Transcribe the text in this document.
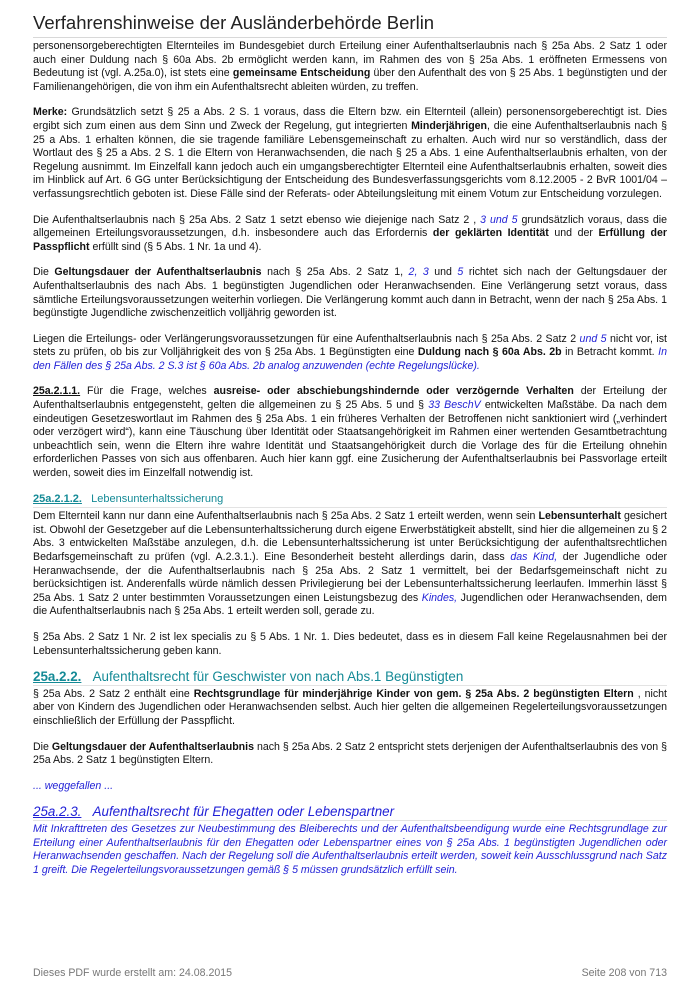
Verfahrenshinweise der Ausländerbehörde Berlin

personensorgeberechtigten Elternteiles im Bundesgebiet durch Erteilung einer Aufenthaltserlaubnis nach § 25a Abs. 2 Satz 1 oder auch einer Duldung nach § 60a Abs. 2b ermöglicht werden kann, im Rahmen des von § 25a Abs. 1 eröffneten Ermessens von Bedeutung ist (vgl. A.25a.0), ist stets eine gemeinsame Entscheidung über den Aufenthalt des von § 25 Abs. 1 begünstigten und der Familienangehörigen, die von ihm ein Aufenthaltsrecht ableiten würden, zu treffen.

Merke: Grundsätzlich setzt § 25 a Abs. 2 S. 1 voraus, dass die Eltern bzw. ein Elternteil (allein) personensorgeberechtigt ist. Dies ergibt sich zum einen aus dem Sinn und Zweck der Regelung, gut integrierten Minderjährigen, die eine Aufenthaltserlaubnis nach § 25 a Abs. 1 erhalten können, die sie tragende familiäre Lebensgemeinschaft zu erhalten. Auch wird nur so verständlich, dass der Wortlaut des § 25 a Abs. 2 S. 1 die Eltern von Heranwachsenden, die nach § 25 a Abs. 1 eine Aufenthaltserlaubnis erhalten, von der Regelung ausnimmt. Im Einzelfall kann jedoch auch ein umgangsberechtigter Elternteil eine Aufenthaltserlaubnis erhalten, soweit dies im Hinblick auf Art. 6 GG unter Berücksichtigung der Entscheidung des Bundesverfassungsgerichts vom 8.12.2005 - 2 BvR 1001/04 – verfassungsrechtlich geboten ist. Diese Fälle sind der Referats- oder Abteilungsleitung mit einem Votum zur Entscheidung vorzulegen.

Die Aufenthaltserlaubnis nach § 25a Abs. 2 Satz 1 setzt ebenso wie diejenige nach Satz 2 , 3 und 5 grundsätzlich voraus, dass die allgemeinen Erteilungsvoraussetzungen, d.h. insbesondere auch das Erfordernis der geklärten Identität und der Erfüllung der Passpflicht erfüllt sind (§ 5 Abs. 1 Nr. 1a und 4).

Die Geltungsdauer der Aufenthaltserlaubnis nach § 25a Abs. 2 Satz 1, 2, 3 und 5 richtet sich nach der Geltungsdauer der Aufenthaltserlaubnis des nach Abs. 1 begünstigten Jugendlichen oder Heranwachsenden. Eine Verlängerung setzt voraus, dass sämtliche Erteilungsvoraussetzungen weiterhin vorliegen. Die Verlängerung kommt auch dann in Betracht, wenn der nach § 25a Abs. 1 begünstigte Jugendliche zwischenzeitlich volljährig geworden ist.

Liegen die Erteilungs- oder Verlängerungsvoraussetzungen für eine Aufenthaltserlaubnis nach § 25a Abs. 2 Satz 2 und 5 nicht vor, ist stets zu prüfen, ob bis zur Volljährigkeit des von § 25a Abs. 1 Begünstigten eine Duldung nach § 60a Abs. 2b in Betracht kommt. In den Fällen des § 25a Abs. 2 S.3 ist § 60a Abs. 2b analog anzuwenden (echte Regelungslücke).

25a.2.1.1. Für die Frage, welches ausreise- oder abschiebungshindernde oder verzögernde Verhalten der Erteilung der Aufenthaltserlaubnis entgegensteht, gelten die allgemeinen zu § 25 Abs. 5 und § 33 BeschV entwickelten Maßstäbe. Da nach dem eindeutigen Gesetzeswortlaut im Rahmen des § 25a Abs. 1 ein früheres Verhalten der Betroffenen nicht sanktioniert wird („verhindert oder verzögert wird“), kann eine Täuschung über Identität oder Staatsangehörigkeit im Rahmen einer wertenden Gesamtbetrachtung unbeachtlich sein, wenn die Eltern ihre wahre Identität und Staatsangehörigkeit durch die Vorlage des für die Erteilung ohnehin erforderlichen Passes von sich aus offenbaren. Auch hier kann ggf. eine Zusicherung der Aufenthaltserlaubnis bei Passvorlage erteilt werden, soweit dies im Einzelfall notwendig ist.

25a.2.1.2. Lebensunterhaltssicherung

Dem Elternteil kann nur dann eine Aufenthaltserlaubnis nach § 25a Abs. 2 Satz 1 erteilt werden, wenn sein Lebensunterhalt gesichert ist. Obwohl der Gesetzgeber auf die Lebensunterhaltssicherung durch eigene Erwerbstätigkeit abstellt, sind hier die allgemeinen zu § 2 Abs. 3 entwickelten Maßstäbe anzulegen, d.h. die Lebensunterhaltssicherung ist unter Berücksichtigung der aufenthaltsrechtlichen Bedarfsgemeinschaft zu prüfen (vgl. A.2.3.1.). Eine Besonderheit besteht allerdings darin, dass das Kind, der Jugendliche oder Heranwachsende, der die Aufenthaltserlaubnis nach § 25a Abs. 2 Satz 1 vermittelt, bei der Bedarfsgemeinschaft nicht zu berücksichtigen ist. Anderenfalls würde nämlich dessen Privilegierung bei der Lebensunterhaltssicherung leerlaufen. Immerhin lässt § 25a Abs. 1 Satz 2 unter bestimmten Voraussetzungen einen Leistungsbezug des Kindes, Jugendlichen oder Heranwachsenden, dem die Aufenthaltserlaubnis nach § 25a Abs. 1 erteilt werden soll, gerade zu.

§ 25a Abs. 2 Satz 1 Nr. 2 ist lex specialis zu § 5 Abs. 1 Nr. 1. Dies bedeutet, dass es in diesem Fall keine Regelausnahmen bei der Lebensunterhaltssicherung geben kann.

25a.2.2. Aufenthaltsrecht für Geschwister von nach Abs.1 Begünstigten

§ 25a Abs. 2 Satz 2 enthält eine Rechtsgrundlage für minderjährige Kinder von gem. § 25a Abs. 2 begünstigten Eltern , nicht aber von Kindern des Jugendlichen oder Heranwachsenden selbst. Auch hier gelten die allgemeinen Regelerteilungsvoraussetzungen einschließlich der Erfüllung der Passpflicht.

Die Geltungsdauer der Aufenthaltserlaubnis nach § 25a Abs. 2 Satz 2 entspricht stets derjenigen der Aufenthaltserlaubnis des von § 25a Abs. 2 Satz 1 begünstigten Eltern.

... weggefallen ...

25a.2.3. Aufenthaltsrecht für Ehegatten oder Lebenspartner

Mit Inkrafttreten des Gesetzes zur Neubestimmung des Bleiberechts und der Aufenthaltsbeendigung wurde eine Rechtsgrundlage zur Erteilung einer Aufenthaltserlaubnis für den Ehegatten oder Lebenspartner eines von § 25a Abs. 1 begünstigten Jugendlichen oder Heranwachsenden geschaffen. Nach der Regelung soll die Aufenthaltserlaubnis erteilt werden, soweit kein Ausschlussgrund nach Satz 1 greift. Die Regelerteilungsvoraussetzungen gemäß § 5 müssen grundsätzlich erfüllt sein.

Dieses PDF wurde erstellt am: 24.08.2015	Seite 208 von 713
